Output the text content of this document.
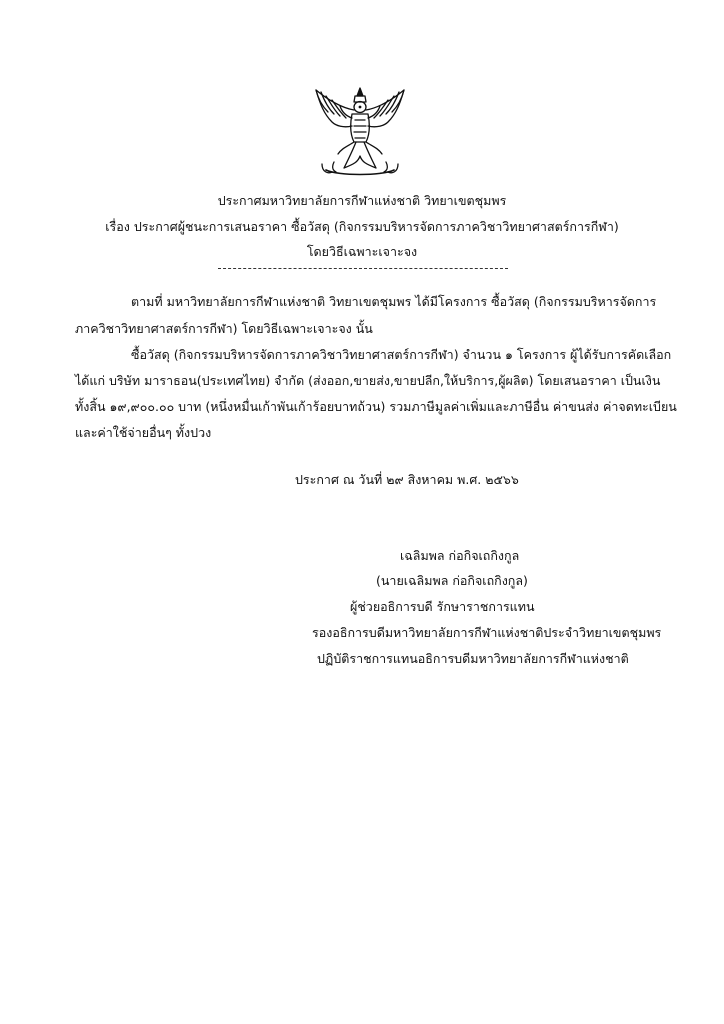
ประกาศมหาวิทยาลัยการกีฬาแห่งชาติ วิทยาเขตชุมพร
เรื่อง ประกาศผู้ชนะการเสนอราคา ซื้อวัสดุ (กิจกรรมบริหารจัดการภาควิชาวิทยาศาสตร์การกีฬา)
โดยวิธีเฉพาะเจาะจง
ตามที่ มหาวิทยาลัยการกีฬาแห่งชาติ วิทยาเขตชุมพร ได้มีโครงการ ซื้อวัสดุ (กิจกรรมบริหารจัดการ
ภาควิชาวิทยาศาสตร์การกีฬา) โดยวิธีเฉพาะเจาะจง นั้น
ซื้อวัสดุ (กิจกรรมบริหารจัดการภาควิชาวิทยาศาสตร์การกีฬา) จำนวน ๑ โครงการ ผู้ได้รับการคัดเลือก
ได้แก่ บริษัท มาราธอน(ประเทศไทย) จำกัด (ส่งออก,ขายส่ง,ขายปลีก,ให้บริการ,ผู้ผลิต) โดยเสนอราคา เป็นเงิน
ทั้งสิ้น ๑๙,๙๐๐.๐๐ บาท (หนึ่งหมื่นเก้าพันเก้าร้อยบาทถ้วน) รวมภาษีมูลค่าเพิ่มและภาษีอื่น ค่าขนส่ง ค่าจดทะเบียน
และค่าใช้จ่ายอื่นๆ ทั้งปวง
ประกาศ ณ วันที่ ๒๙ สิงหาคม พ.ศ. ๒๕๖๖
เฉลิมพล ก่อกิจเถกิงกูล
(นายเฉลิมพล ก่อกิจเถกิงกูล)
ผู้ช่วยอธิการบดี รักษาราชการแทน
รองอธิการบดีมหาวิทยาลัยการกีฬาแห่งชาติประจำวิทยาเขตชุมพร
ปฏิบัติราชการแทนอธิการบดีมหาวิทยาลัยการกีฬาแห่งชาติ
